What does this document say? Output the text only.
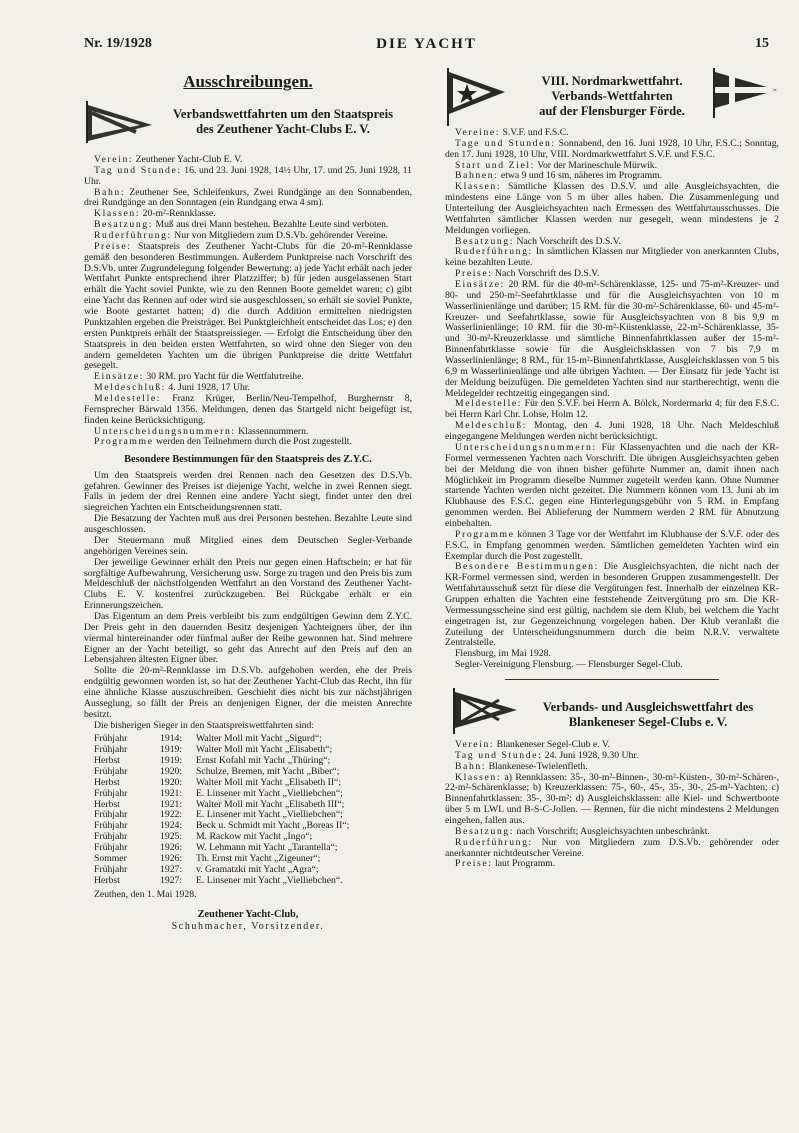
Nr. 19/1928	DIE YACHT	15
Ausschreibungen.
Verbandswettfahrten um den Staatspreis
des Zeuthener Yacht-Clubs E. V.

Verein: Zeuthener Yacht-Club E. V.

Tag und Stunde: 16. und 23. Juni 1928, 14½ Uhr, 17. und 25. Juni 1928, 11 Uhr.

Bahn: Zeuthener See, Schleifenkurs, Zwei Rundgänge an den Sonnabenden, drei Rundgänge an den Sonntagen (ein Rundgang etwa 4 sm).

Klassen: 20-m²-Rennklasse.

Besatzung: Muß aus drei Mann bestehen. Bezahlte Leute sind verboten.

Ruderführung: Nur von Mitgliedern zum D.S.Vb. gehörender Vereine.

Preise: Staatspreis des Zeuthener Yacht-Clubs für die 20-m²-Rennklasse gemäß den besonderen Bestimmungen. Außerdem Punktpreise nach Vorschrift des D.S.Vb. unter Zugrundelegung folgender Bewertung: a) jede Yacht erhält nach jeder Wettfahrt Punkte entsprechend ihrer Platzziffer; b) für jeden ausgelassenen Start erhält die Yacht soviel Punkte, wie zu den Rennen Boote gemeldet waren; c) gibt eine Yacht das Rennen auf oder wird sie ausgeschlossen, so erhält sie soviel Punkte, wie Boote gestartet hatten; d) die durch Addition ermittelten niedrigsten Punktzahlen ergeben die Preisträger. Bei Punktgleichheit entscheidet das Los; e) den ersten Punktpreis erhält der Staatspreissieger. — Erfolgt die Entscheidung über den Staatspreis in den beiden ersten Wettfahrten, so wird ohne den Sieger von den andern gemeldeten Yachten um die übrigen Punktpreise die dritte Wettfahrt gesegelt.

Einsätze: 30 RM. pro Yacht für die Wettfahrtreihe.

Meldeschluß: 4. Juni 1928, 17 Uhr.

Meldestelle: Franz Krüger, Berlin/Neu-Tempelhof, Burghernstr 8, Fernsprecher Bärwald 1356. Meldungen, denen das Startgeld nicht beigefügt ist, finden keine Berücksichtigung.

Unterscheidungsnummern: Klassennummern.

Programme werden den Teilnehmern durch die Post zugestellt.

Besondere Bestimmungen für den Staatspreis des Z.Y.C.

Um den Staatspreis werden drei Rennen nach den Gesetzen des D.S.Vb. gefahren. Gewinner des Preises ist diejenige Yacht, welche in zwei Rennen siegt. Falls in jedem der drei Rennen eine andere Yacht siegt, findet unter den drei siegreichen Yachten ein Entscheidungsrennen statt.

Die Besatzung der Yachten muß aus drei Personen bestehen. Bezahlte Leute sind ausgeschlossen.

Der Steuermann muß Mitglied eines dem Deutschen Segler-Verbande angehörigen Vereines sein.

Der jeweilige Gewinner erhält den Preis nur gegen einen Haftschein; er hat für sorgfältige Aufbewahrung, Versicherung usw. Sorge zu tragen und den Preis bis zum Meldeschluß der nächstfolgenden Wettfahrt an den Vorstand des Zeuthener Yacht-Clubs E. V. kostenfrei zurückzugeben. Bei Rückgabe erhält er ein Erinnerungszeichen.

Das Eigentum an dem Preis verbleibt bis zum endgültigen Gewinn dem Z.Y.C. Der Preis geht in den dauernden Besitz desjenigen Yachteigners über, der ihn viermal hintereinander oder fünfmal außer der Reihe gewonnen hat. Sind mehrere Eigner an der Yacht beteiligt, so geht das Anrecht auf den Preis auf den an Lebensjahren ältesten Eigner über.

Sollte die 20-m²-Rennklasse im D.S.Vb. aufgehoben werden, ehe der Preis endgültig gewonnen worden ist, so hat der Zeuthener Yacht-Club das Recht, ihn für eine ähnliche Klasse auszuschreiben. Geschieht dies nicht bis zur nächstjährigen Ausseglung, so fällt der Preis an denjenigen Eigner, der die meisten Anrechte besitzt.

Die bisherigen Sieger in den Staatspreiswettfahrten sind:

Frühjahr	1914:	Walter Moll mit Yacht „Sigurd“;
Frühjahr	1919:	Walter Moll mit Yacht „Elisabeth“;
Herbst	1919:	Ernst Kofahl mit Yacht „Thüring“;
Frühjahr	1920:	Schulze, Bremen, mit Yacht „Biber“;
Herbst	1920:	Walter Moll mit Yacht „Elisabeth II“;
Frühjahr	1921:	E. Linsener mit Yacht „Vielliebchen“;
Herbst	1921:	Walter Moll mit Yacht „Elisabeth III“;
Frühjahr	1922:	E. Linsener mit Yacht „Vielliebchen“;
Frühjahr	1924:	Beck u. Schmidt mit Yacht „Boreas II“;
Frühjahr	1925:	M. Rackow mit Yacht „Ingo“;
Frühjahr	1926:	W. Lehmann mit Yacht „Tarantella“;
Sommer	1926:	Th. Ernst mit Yacht „Zigeuner“;
Frühjahr	1927:	v. Gramatzki mit Yacht „Agra“;
Herbst	1927:	E. Linsener mit Yacht „Vielliebchen“.

Zeuthen, den 1. Mai 1928.

Zeuthener Yacht-Club,
Schuhmacher, Vorsitzender.
VIII. Nordmarkwettfahrt.
Verbands-Wettfahrten
auf der Flensburger Förde.

Vereine: S.V.F. und F.S.C.

Tage und Stunden: Sonnabend, den 16. Juni 1928, 10 Uhr, F.S.C.; Sonntag, den 17. Juni 1928, 10 Uhr, VIII. Nordmarkwettfahrt S.V.F. und F.S.C.

Start und Ziel: Vor der Marineschule Mürwik.

Bahnen: etwa 9 und 16 sm, näheres im Programm.

Klassen: Sämtliche Klassen des D.S.V. und alle Ausgleichsyachten, die mindestens eine Länge von 5 m über alles haben. Die Zusammenlegung und Unterteilung der Ausgleichsyachten nach Ermessen des Wettfahrtausschusses. Die Wettfahrten sämtlicher Klassen werden nur gesegelt, wenn mindestens je 2 Meldungen vorliegen.

Besatzung: Nach Vorschrift des D.S.V.

Ruderführung: In sämtlichen Klassen nur Mitglieder von anerkannten Clubs, keine bezahlten Leute.

Preise: Nach Vorschrift des D.S.V.

Einsätze: 20 RM. für die 40-m²-Schärenklasse, 125- und 75-m²-Kreuzer- und 80- und 250-m²-Seefahrtklasse und für die Ausgleichsyachten von 10 m Wasserlinienlänge und darüber; 15 RM. für die 30-m²-Schärenklasse, 60- und 45-m²-Kreuzer- und Seefahrtklasse, sowie für Ausgleichsyachten von 8 bis 9,9 m Wasserlinienlänge; 10 RM. für die 30-m²-Küstenklasse, 22-m²-Schärenklasse, 35- und 30-m²-Kreuzerklasse und sämtliche Binnenfahrtklassen außer der 15-m²-Binnenfahrtklasse sowie für die Ausgleichsklassen von 7 bis 7,9 m Wasserlinienlänge; 8 RM., für 15-m²-Binnenfahrtklasse, Ausgleichsklassen von 5 bis 6,9 m Wasserlinienlänge und alle übrigen Yachten. — Der Einsatz für jede Yacht ist der Meldung beizufügen. Die gemeldeten Yachten sind nur startberechtigt, wenn die Meldegelder rechtzeitig eingegangen sind.

Meldestelle: Für den S.V.F. bei Herrn A. Bölck, Nordermarkt 4; für den F.S.C. bei Herrn Karl Chr. Lohse, Holm 12.

Meldeschluß: Montag, den 4. Juni 1928, 18 Uhr. Nach Meldeschluß eingegangene Meldungen werden nicht berücksichtigt.

Unterscheidungsnummern: Für Klassenyachten und die nach der KR-Formel vermessenen Yachten nach Vorschrift. Die übrigen Ausgleichsyachten geben bei der Meldung die von ihnen bisher geführte Nummer an, damit ihnen nach Möglichkeit im Programm dieselbe Nummer zugeteilt werden kann. Ohne Nummer startende Yachten werden nicht gezeitet. Die Nummern können vom 13. Juni ab im Klubhause des F.S.C. gegen eine Hinterlegungsgebühr von 5 RM. in Empfang genommen werden. Bei Ablieferung der Nummern werden 2 RM. für Abnutzung einbehalten.

Programme können 3 Tage vor der Wettfahrt im Klubhause der S.V.F. oder des F.S.C. in Empfang genommen werden. Sämtlichen gemeldeten Yachten wird ein Exemplar durch die Post zugestellt.

Besondere Bestimmungen: Die Ausgleichsyachten, die nicht nach der KR-Formel vermessen sind, werden in besonderen Gruppen zusammengestellt. Der Wettfahrtausschuß setzt für diese die Vergütungen fest. Innerhalb der einzelnen KR-Gruppen erhalten die Yachten eine feststehende Zeitvergütung pro sm. Die KR-Vermessungsscheine sind erst gültig, nachdem sie dem Klub, bei welchem die Yacht eingetragen ist, zur Gegenzeichnung vorgelegen haben. Der Klub veranlaßt die Zuteilung der Unterscheidungsnummern durch die beim N.R.V. verwaltete Zentralstelle.

Flensburg, im Mai 1928.

Segler-Vereinigung Flensburg. — Flensburger Segel-Club.

Verbands- und Ausgleichswettfahrt des
Blankeneser Segel-Clubs e. V.

Verein: Blankeneser Segel-Club e. V.

Tag und Stunde: 24. Juni 1928, 9.30 Uhr.

Bahn: Blankenese-Twielenfleth.

Klassen: a) Rennklassen: 35-, 30-m²-Binnen-, 30-m²-Küsten-, 30-m²-Schären-, 22-m²-Schärenklasse; b) Kreuzerklassen: 75-, 60-, 45-, 35-, 30-, 25-m²-Yachten; c) Binnenfahrtklassen: 35-, 30-m²; d) Ausgleichsklassen: alle Kiel- und Schwertboote über 5 m LWL und B-S-C-Jollen. — Rennen, für die nicht mindestens 2 Meldungen eingehen, fallen aus.

Besatzung: nach Vorschrift; Ausgleichsyachten unbeschränkt.

Ruderführung: Nur von Mitgliedern zum D.S.Vb. gehörender oder anerkannter nichtdeutscher Vereine.

Preise: laut Programm.
